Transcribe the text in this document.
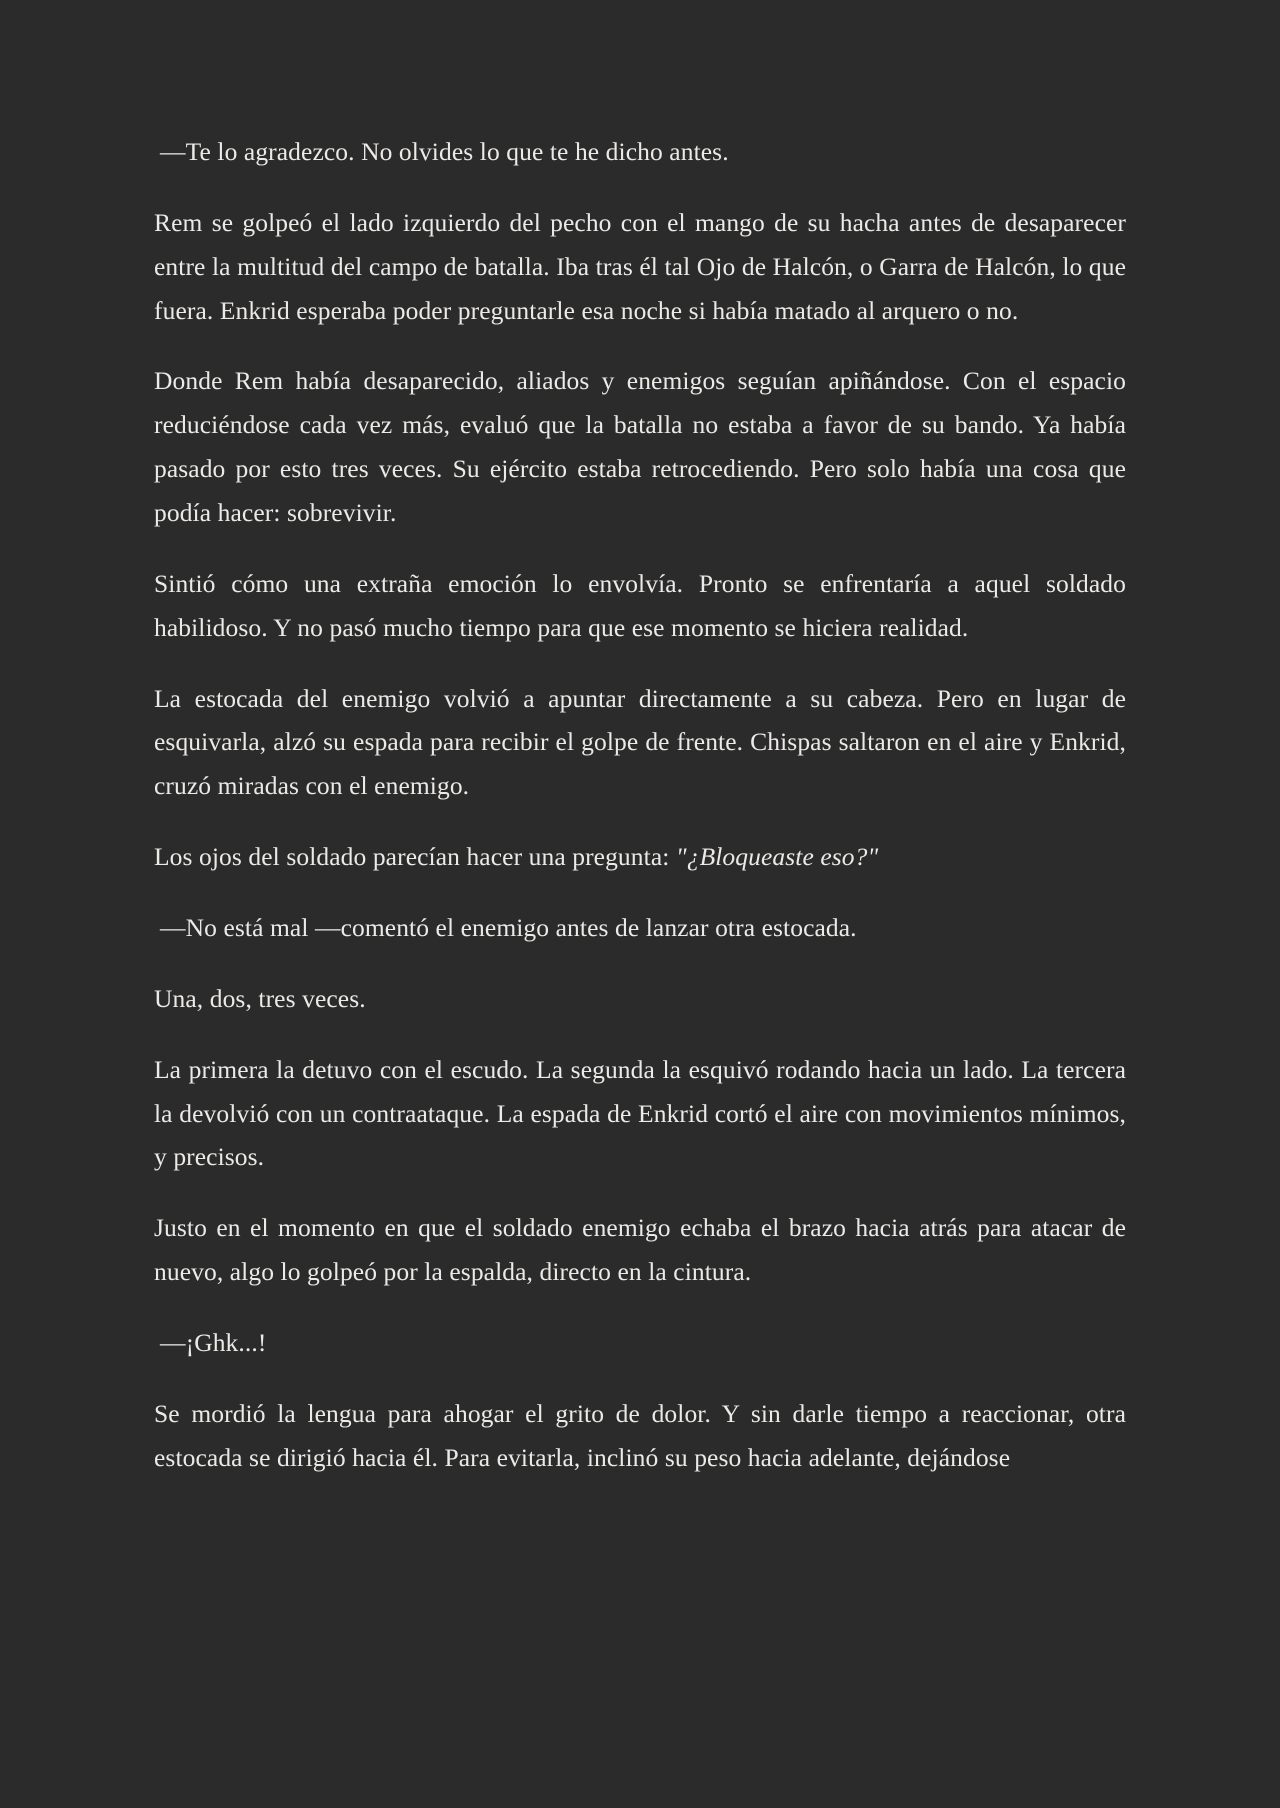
—Te lo agradezco. No olvides lo que te he dicho antes.

Rem se golpeó el lado izquierdo del pecho con el mango de su hacha antes de desaparecer entre la multitud del campo de batalla. Iba tras él tal Ojo de Halcón, o Garra de Halcón, lo que fuera. Enkrid esperaba poder preguntarle esa noche si había matado al arquero o no.

Donde Rem había desaparecido, aliados y enemigos seguían apiñándose. Con el espacio reduciéndose cada vez más, evaluó que la batalla no estaba a favor de su bando. Ya había pasado por esto tres veces. Su ejército estaba retrocediendo. Pero solo había una cosa que podía hacer: sobrevivir.

Sintió cómo una extraña emoción lo envolvía. Pronto se enfrentaría a aquel soldado habilidoso. Y no pasó mucho tiempo para que ese momento se hiciera realidad.

La estocada del enemigo volvió a apuntar directamente a su cabeza. Pero en lugar de esquivarla, alzó su espada para recibir el golpe de frente. Chispas saltaron en el aire y Enkrid, cruzó miradas con el enemigo.

Los ojos del soldado parecían hacer una pregunta: "¿Bloqueaste eso?"

—No está mal —comentó el enemigo antes de lanzar otra estocada.

Una, dos, tres veces.

La primera la detuvo con el escudo. La segunda la esquivó rodando hacia un lado. La tercera la devolvió con un contraataque. La espada de Enkrid cortó el aire con movimientos mínimos, y precisos.

Justo en el momento en que el soldado enemigo echaba el brazo hacia atrás para atacar de nuevo, algo lo golpeó por la espalda, directo en la cintura.

—¡Ghk...!

Se mordió la lengua para ahogar el grito de dolor. Y sin darle tiempo a reaccionar, otra estocada se dirigió hacia él. Para evitarla, inclinó su peso hacia adelante, dejándose
